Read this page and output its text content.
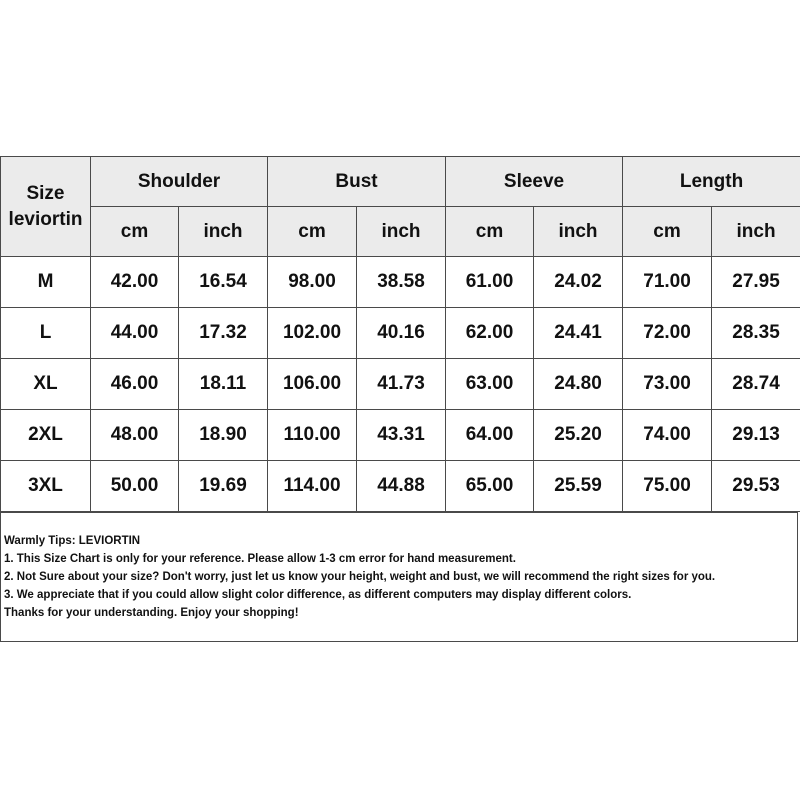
Size
leviortin	Shoulder		Bust		Sleeve		Length	
	cm	inch	cm	inch	cm	inch	cm	inch
M	42.00	16.54	98.00	38.58	61.00	24.02	71.00	27.95
L	44.00	17.32	102.00	40.16	62.00	24.41	72.00	28.35
XL	46.00	18.11	106.00	41.73	63.00	24.80	73.00	28.74
2XL	48.00	18.90	110.00	43.31	64.00	25.20	74.00	29.13
3XL	50.00	19.69	114.00	44.88	65.00	25.59	75.00	29.53
Warmly Tips: LEVIORTIN
1. This Size Chart is only for your reference. Please allow 1-3 cm error for hand measurement.
2. Not Sure about your size? Don't worry, just let us know your height, weight and bust, we will recommend the right sizes for you.
3. We appreciate that if you could allow slight color difference, as different computers may display different colors.
Thanks for your understanding. Enjoy your shopping!
